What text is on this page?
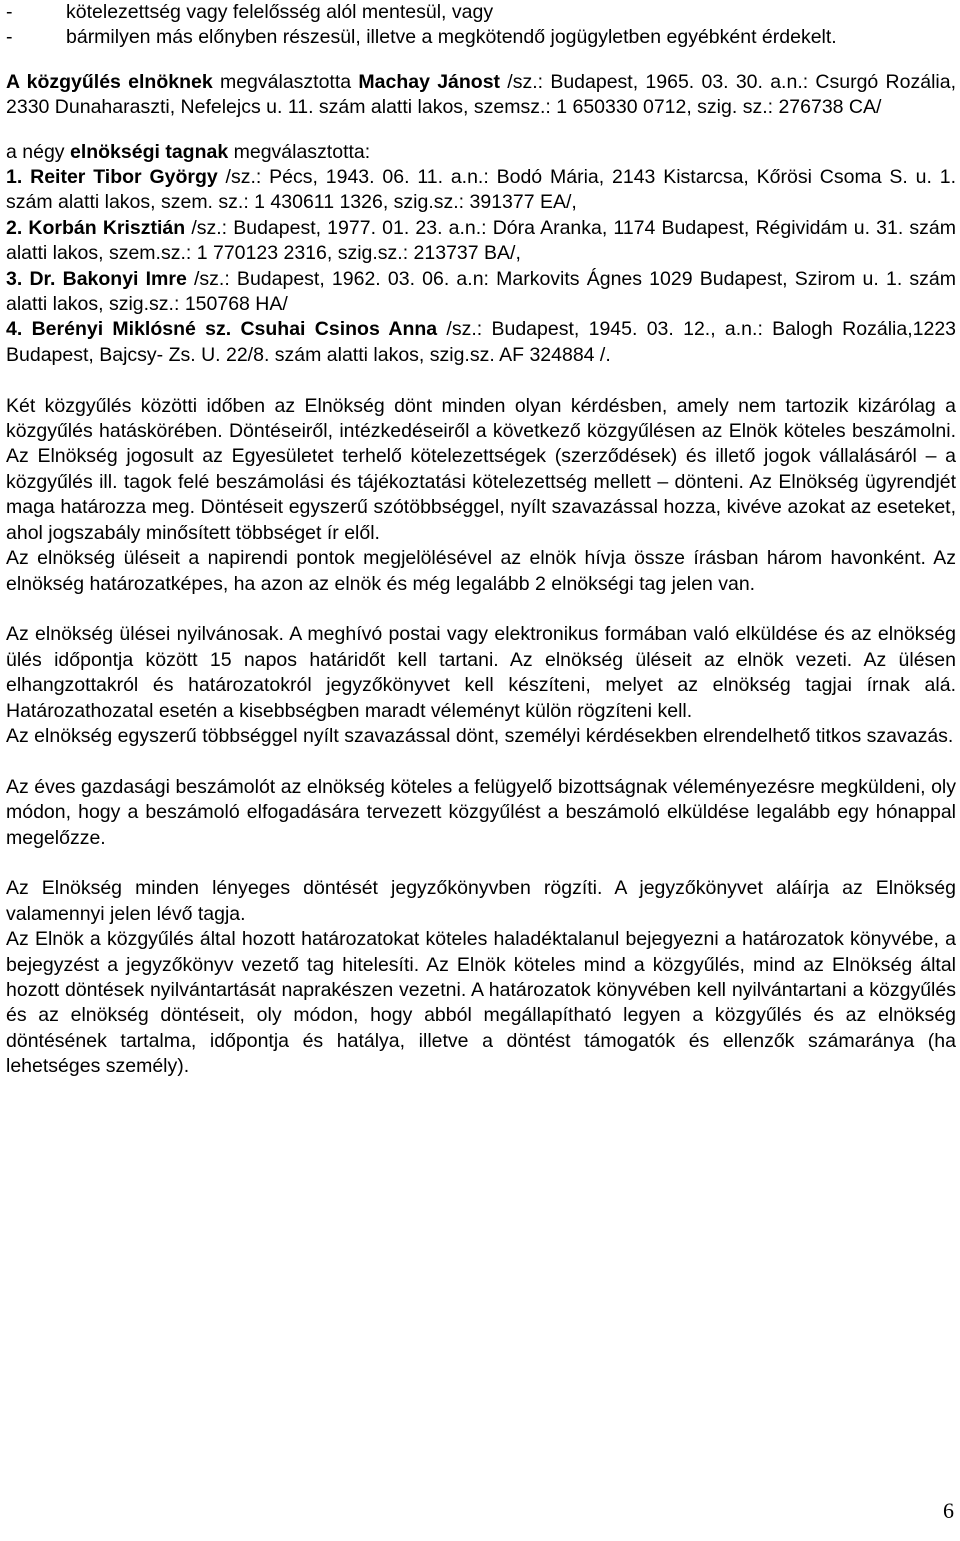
-	kötelezettség vagy felelősség alól mentesül, vagy
-	bármilyen más előnyben részesül, illetve a megkötendő jogügyletben egyébként érdekelt.
A közgyűlés elnöknek megválasztotta Machay Jánost /sz.: Budapest, 1965. 03. 30. a.n.: Csurgó Rozália, 2330 Dunaharaszti, Nefelejcs u. 11. szám alatti lakos, szemsz.: 1 650330 0712, szig. sz.: 276738 CA/
a négy elnökségi tagnak megválasztotta:
1. Reiter Tibor György /sz.: Pécs, 1943. 06. 11. a.n.: Bodó Mária, 2143 Kistarcsa, Kőrösi Csoma S. u. 1. szám alatti lakos, szem. sz.: 1 430611 1326, szig.sz.: 391377 EA/,
2. Korbán Krisztián /sz.: Budapest, 1977. 01. 23. a.n.: Dóra Aranka, 1174 Budapest, Régividám u. 31. szám alatti lakos, szem.sz.: 1 770123 2316, szig.sz.: 213737 BA/,
3. Dr. Bakonyi Imre /sz.: Budapest, 1962. 03. 06. a.n: Markovits Ágnes 1029 Budapest, Szirom u. 1. szám alatti lakos, szig.sz.: 150768 HA/
4. Berényi Miklósné sz. Csuhai Csinos Anna /sz.: Budapest, 1945. 03. 12., a.n.: Balogh Rozália,1223 Budapest, Bajcsy- Zs. U. 22/8. szám alatti lakos, szig.sz. AF 324884 /.
Két közgyűlés közötti időben az Elnökség dönt minden olyan kérdésben, amely nem tartozik kizárólag a közgyűlés hatáskörében. Döntéseiről, intézkedéseiről a következő közgyűlésen az Elnök köteles beszámolni. Az Elnökség jogosult az Egyesületet terhelő kötelezettségek (szerződések) és illető jogok vállalásáról – a közgyűlés ill. tagok felé beszámolási és tájékoztatási kötelezettség mellett – dönteni. Az Elnökség ügyrendjét maga határozza meg. Döntéseit egyszerű szótöbbséggel, nyílt szavazással hozza, kivéve azokat az eseteket, ahol jogszabály minősített többséget ír elől.
Az elnökség üléseit a napirendi pontok megjelölésével az elnök hívja össze írásban három havonként. Az elnökség határozatképes, ha azon az elnök és még legalább 2 elnökségi tag jelen van.
Az elnökség ülései nyilvánosak. A meghívó postai vagy elektronikus formában való elküldése és az elnökség ülés időpontja között 15 napos határidőt kell tartani. Az elnökség üléseit az elnök vezeti. Az ülésen elhangzottakról és határozatokról jegyzőkönyvet kell készíteni, melyet az elnökség tagjai írnak alá. Határozathozatal esetén a kisebbségben maradt véleményt külön rögzíteni kell.
Az elnökség egyszerű többséggel nyílt szavazással dönt, személyi kérdésekben elrendelhető titkos szavazás.
Az éves gazdasági beszámolót az elnökség köteles a felügyelő bizottságnak véleményezésre megküldeni, oly módon, hogy a beszámoló elfogadására tervezett közgyűlést a beszámoló elküldése legalább egy hónappal megelőzze.
Az Elnökség minden lényeges döntését jegyzőkönyvben rögzíti. A jegyzőkönyvet aláírja az Elnökség valamennyi jelen lévő tagja.
Az Elnök a közgyűlés által hozott határozatokat köteles haladéktalanul bejegyezni a határozatok könyvébe, a bejegyzést a jegyzőkönyv vezető tag hitelesíti. Az Elnök köteles mind a közgyűlés, mind az Elnökség által hozott döntések nyilvántartását naprakészen vezetni. A határozatok könyvében kell nyilvántartani a közgyűlés és az elnökség döntéseit, oly módon, hogy abból megállapítható legyen a közgyűlés és az elnökség döntésének tartalma, időpontja és hatálya, illetve a döntést támogatók és ellenzők számaránya (ha lehetséges személy).
6
